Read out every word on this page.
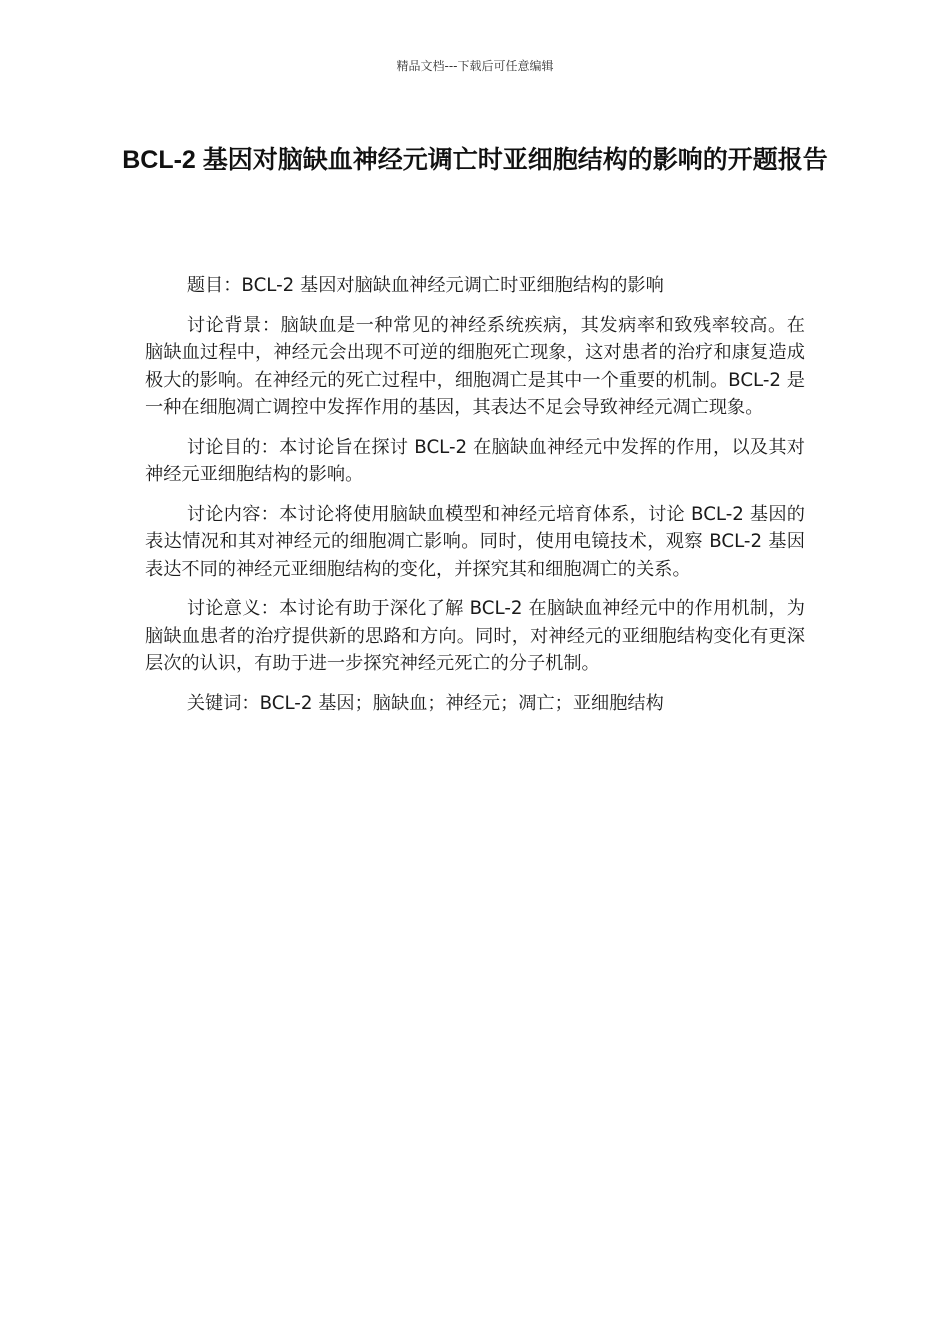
精品文档---下载后可任意编辑
BCL-2 基因对脑缺血神经元调亡时亚细胞结构的影响的开题报告

题目：BCL-2 基因对脑缺血神经元调亡时亚细胞结构的影响

讨论背景：脑缺血是一种常见的神经系统疾病，其发病率和致残率较高。在脑缺血过程中，神经元会出现不可逆的细胞死亡现象，这对患者的治疗和康复造成极大的影响。在神经元的死亡过程中，细胞凋亡是其中一个重要的机制。BCL-2 是一种在细胞凋亡调控中发挥作用的基因，其表达不足会导致神经元凋亡现象。

讨论目的：本讨论旨在探讨 BCL-2 在脑缺血神经元中发挥的作用，以及其对神经元亚细胞结构的影响。

讨论内容：本讨论将使用脑缺血模型和神经元培育体系，讨论 BCL-2 基因的表达情况和其对神经元的细胞凋亡影响。同时，使用电镜技术，观察 BCL-2 基因表达不同的神经元亚细胞结构的变化，并探究其和细胞凋亡的关系。

讨论意义：本讨论有助于深化了解 BCL-2 在脑缺血神经元中的作用机制，为脑缺血患者的治疗提供新的思路和方向。同时，对神经元的亚细胞结构变化有更深层次的认识，有助于进一步探究神经元死亡的分子机制。

关键词：BCL-2 基因；脑缺血；神经元；凋亡；亚细胞结构
